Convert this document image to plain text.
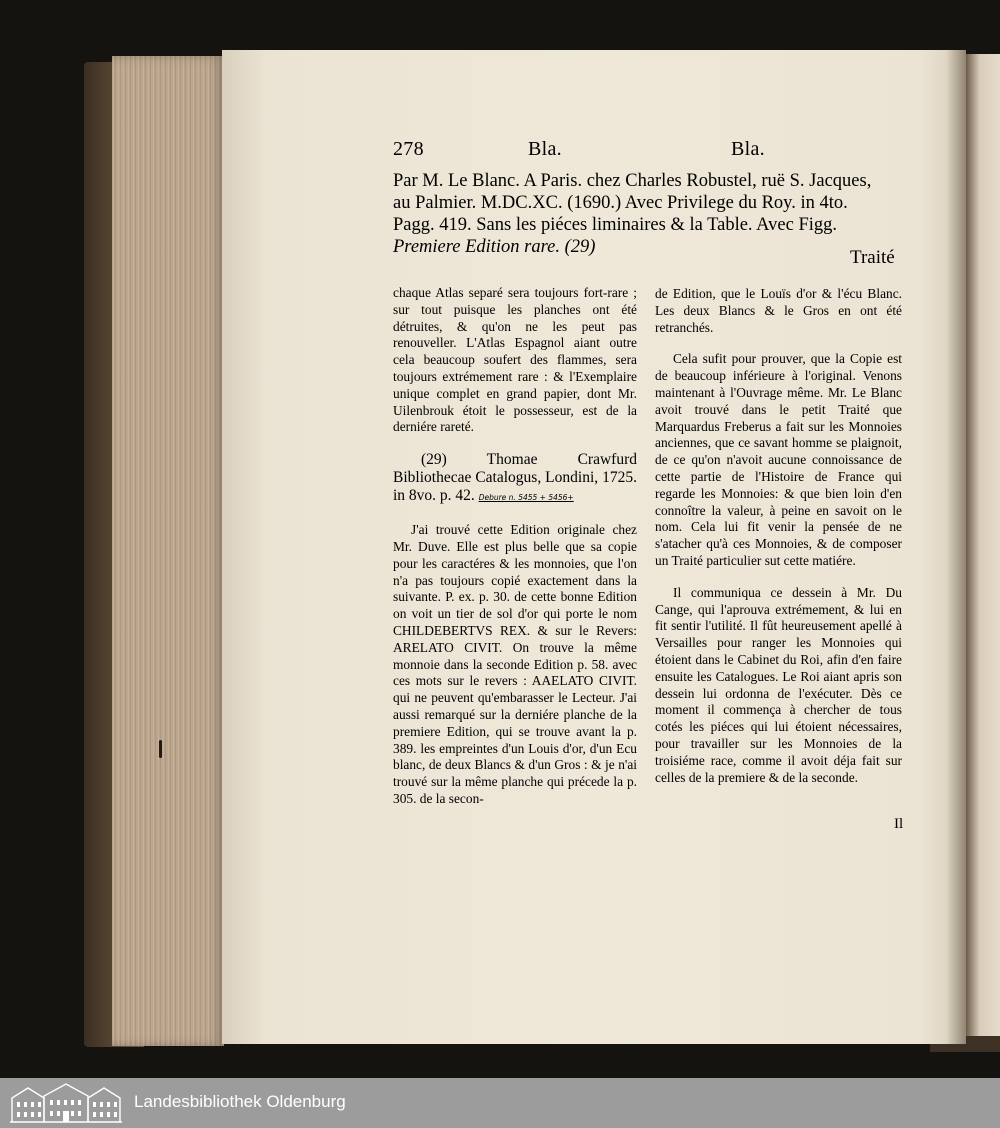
278	Bla.	Bla.
Par M. Le Blanc. A Paris. chez Charles Robustel, ruë S. Jacques,
au Palmier. M.DC.XC. (1690.) Avec Privilege du Roy. in 4to.
Pagg. 419. Sans les piéces liminaires & la Table. Avec Figg.
Premiere Edition rare. (29)	Traité

chaque Atlas separé sera toujours fort-rare ; sur tout puisque les planches ont été détruites, & qu'on ne les peut pas renouveller. L'Atlas Espagnol aiant outre cela beaucoup soufert des flammes, sera toujours extrémement rare : & l'Exemplaire unique complet en grand papier, dont Mr. Uilenbrouk étoit le possesseur, est de la derniére rareté.

(29) Thomae Crawfurd Bibliothecae Catalogus, Londini, 1725. in 8vo. p. 42. Debure n. 5455 + 5456+

J'ai trouvé cette Edition originale chez Mr. Duve. Elle est plus belle que sa copie pour les caractéres & les monnoies, que l'on n'a pas toujours copié exactement dans la suivante. P. ex. p. 30. de cette bonne Edition on voit un tier de sol d'or qui porte le nom CHILDEBERTVS REX. & sur le Revers: ARELATO CIVIT. On trouve la même monnoie dans la seconde Edition p. 58. avec ces mots sur le revers : AAELATO CIVIT. qui ne peuvent qu'embarasser le Lecteur. J'ai aussi remarqué sur la derniére planche de la premiere Edition, qui se trouve avant la p. 389. les empreintes d'un Louis d'or, d'un Ecu blanc, de deux Blancs & d'un Gros : & je n'ai trouvé sur la même planche qui précede la p. 305. de la secon-

de Edition, que le Louïs d'or & l'écu Blanc. Les deux Blancs & le Gros en ont été retranchés.

Cela sufit pour prouver, que la Copie est de beaucoup inférieure à l'original. Venons maintenant à l'Ouvrage même. Mr. Le Blanc avoit trouvé dans le petit Traité que Marquardus Freberus a fait sur les Monnoies anciennes, que ce savant homme se plaignoit, de ce qu'on n'avoit aucune connoissance de cette partie de l'Histoire de France qui regarde les Monnoies: & que bien loin d'en connoître la valeur, à peine en savoit on le nom. Cela lui fit venir la pensée de ne s'atacher qu'à ces Monnoies, & de composer un Traité particulier sut cette matiére.

Il communiqua ce dessein à Mr. Du Cange, qui l'aprouva extrémement, & lui en fit sentir l'utilité. Il fût heureusement apellé à Versailles pour ranger les Monnoies qui étoient dans le Cabinet du Roi, afin d'en faire ensuite les Catalogues. Le Roi aiant apris son dessein lui ordonna de l'exécuter. Dès ce moment il commença à chercher de tous cotés les piéces qui lui étoient nécessaires, pour travailler sur les Monnoies de la troisiéme race, comme il avoit déja fait sur celles de la premiere & de la seconde.

Il
Landesbibliothek Oldenburg
